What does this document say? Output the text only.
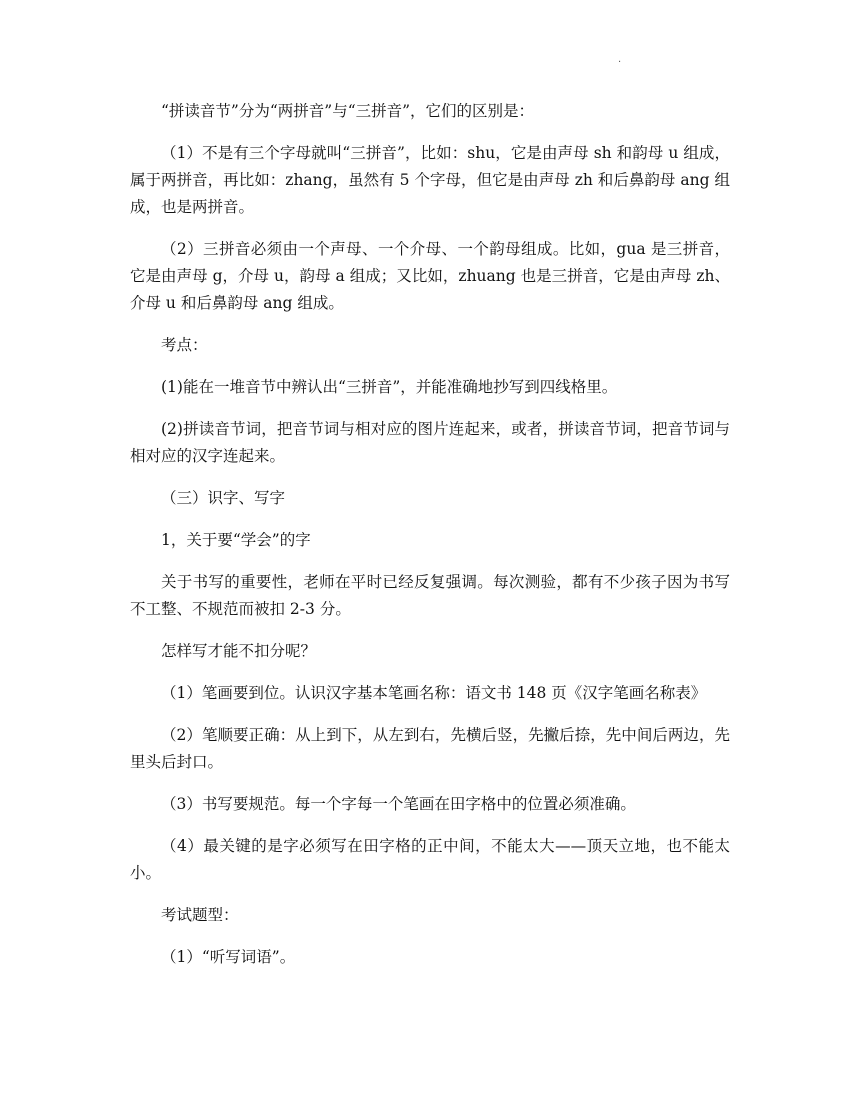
.

“拼读音节”分为“两拼音”与“三拼音”，它们的区别是：

（1）不是有三个字母就叫“三拼音”，比如：shu，它是由声母 sh 和韵母 u 组成，属于两拼音，再比如：zhang，虽然有 5 个字母，但它是由声母 zh 和后鼻韵母 ang 组成，也是两拼音。

（2）三拼音必须由一个声母、一个介母、一个韵母组成。比如，gua 是三拼音，它是由声母 g，介母 u，韵母 a 组成；又比如，zhuang 也是三拼音，它是由声母 zh、介母 u 和后鼻韵母 ang 组成。

考点：

(1)能在一堆音节中辨认出“三拼音”，并能准确地抄写到四线格里。

(2)拼读音节词，把音节词与相对应的图片连起来，或者，拼读音节词，把音节词与相对应的汉字连起来。

（三）识字、写字

1，关于要“学会”的字

关于书写的重要性，老师在平时已经反复强调。每次测验，都有不少孩子因为书写不工整、不规范而被扣 2-3 分。

怎样写才能不扣分呢？

（1）笔画要到位。认识汉字基本笔画名称：语文书 148 页《汉字笔画名称表》

（2）笔顺要正确：从上到下，从左到右，先横后竖，先撇后捺，先中间后两边，先里头后封口。

（3）书写要规范。每一个字每一个笔画在田字格中的位置必须准确。

（4）最关键的是字必须写在田字格的正中间，不能太大——顶天立地，也不能太小。

考试题型：

（1）“听写词语”。
